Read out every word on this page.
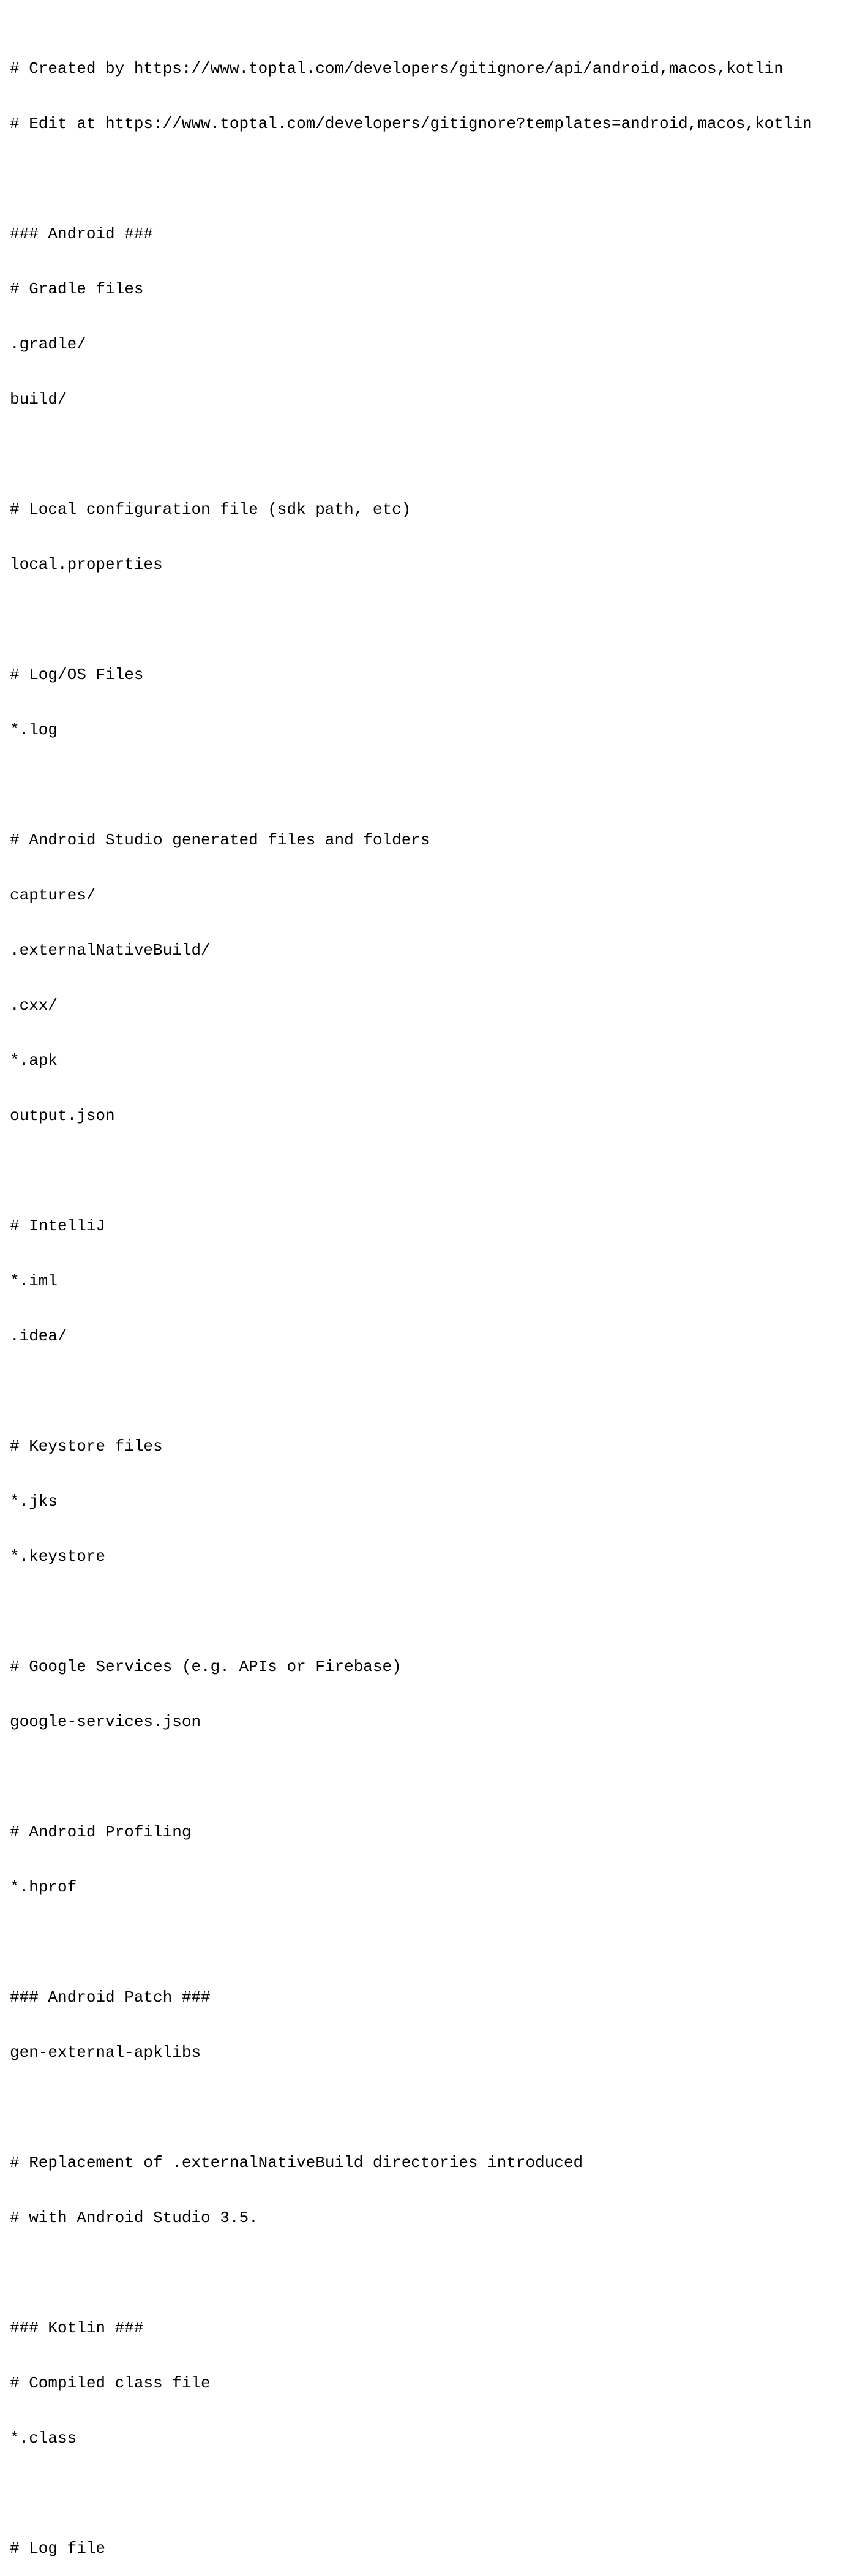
# Created by https://www.toptal.com/developers/gitignore/api/android,macos,kotlin

# Edit at https://www.toptal.com/developers/gitignore?templates=android,macos,kotlin

### Android ###

# Gradle files

.gradle/

build/

# Local configuration file (sdk path, etc)

local.properties

# Log/OS Files

*.log

# Android Studio generated files and folders

captures/

.externalNativeBuild/

.cxx/

*.apk

output.json

# IntelliJ

*.iml

.idea/

# Keystore files

*.jks

*.keystore

# Google Services (e.g. APIs or Firebase)

google-services.json

# Android Profiling

*.hprof

### Android Patch ###

gen-external-apklibs

# Replacement of .externalNativeBuild directories introduced

# with Android Studio 3.5.

### Kotlin ###

# Compiled class file

*.class

# Log file
